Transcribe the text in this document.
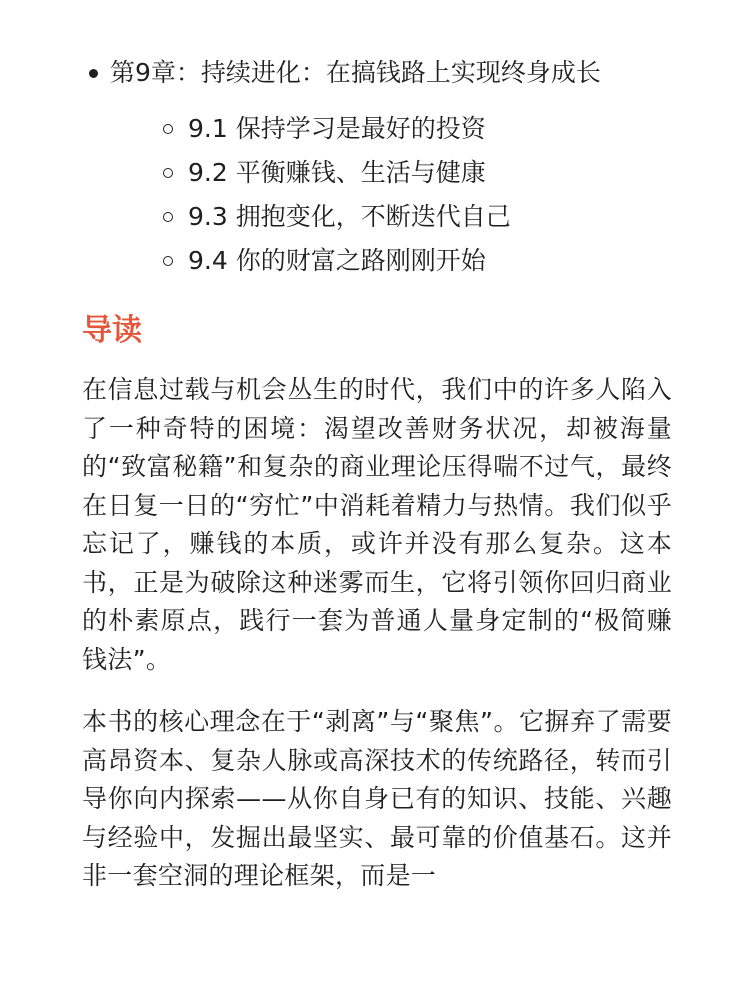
第9章：持续进化：在搞钱路上实现终身成长
9.1 保持学习是最好的投资
9.2 平衡赚钱、生活与健康
9.3 拥抱变化，不断迭代自己
9.4 你的财富之路刚刚开始
导读

在信息过载与机会丛生的时代，我们中的许多人陷入了一种奇特的困境：渴望改善财务状况，却被海量的“致富秘籍”和复杂的商业理论压得喘不过气，最终在日复一日的“穷忙”中消耗着精力与热情。我们似乎忘记了，赚钱的本质，或许并没有那么复杂。这本书，正是为破除这种迷雾而生，它将引领你回归商业的朴素原点，践行一套为普通人量身定制的“极简赚钱法”。

本书的核心理念在于“剥离”与“聚焦”。它摒弃了需要高昂资本、复杂人脉或高深技术的传统路径，转而引导你向内探索——从你自身已有的知识、技能、兴趣与经验中，发掘出最坚实、最可靠的价值基石。这并非一套空洞的理论框架，而是一
